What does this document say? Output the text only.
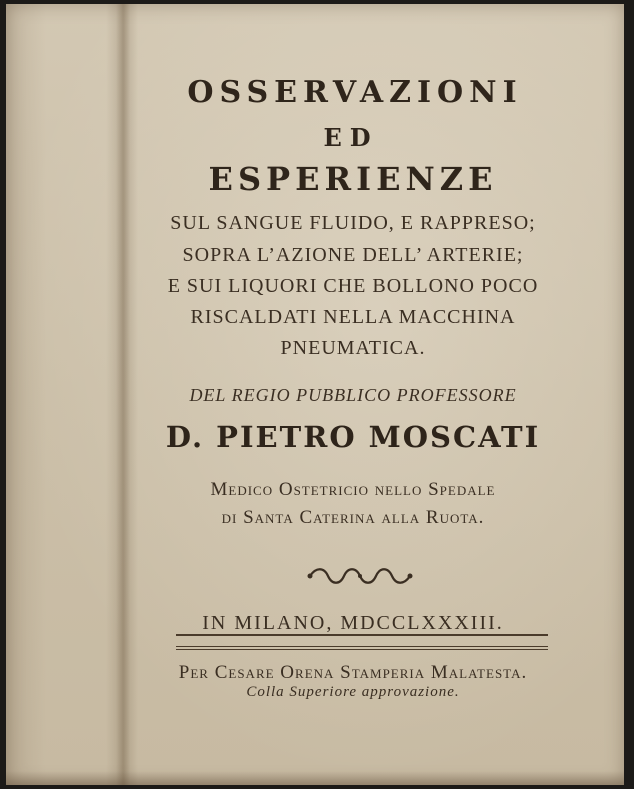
OSSERVAZIONI
ED
ESPERIENZE
SUL SANGUE FLUIDO, E RAPPRESO;
SOPRA L’AZIONE DELL’ ARTERIE;
E SUI LIQUORI CHE BOLLONO POCO
RISCALDATI NELLA MACCHINA
PNEUMATICA.
DEL REGIO PUBBLICO PROFESSORE
D. PIETRO MOSCATI
Medico Ostetricio nello Spedale
di Santa Caterina alla Ruota.
IN MILANO, MDCCLXXXIII.
Per Cesare Orena Stamperia Malatesta.
Colla Superiore approvazione.
